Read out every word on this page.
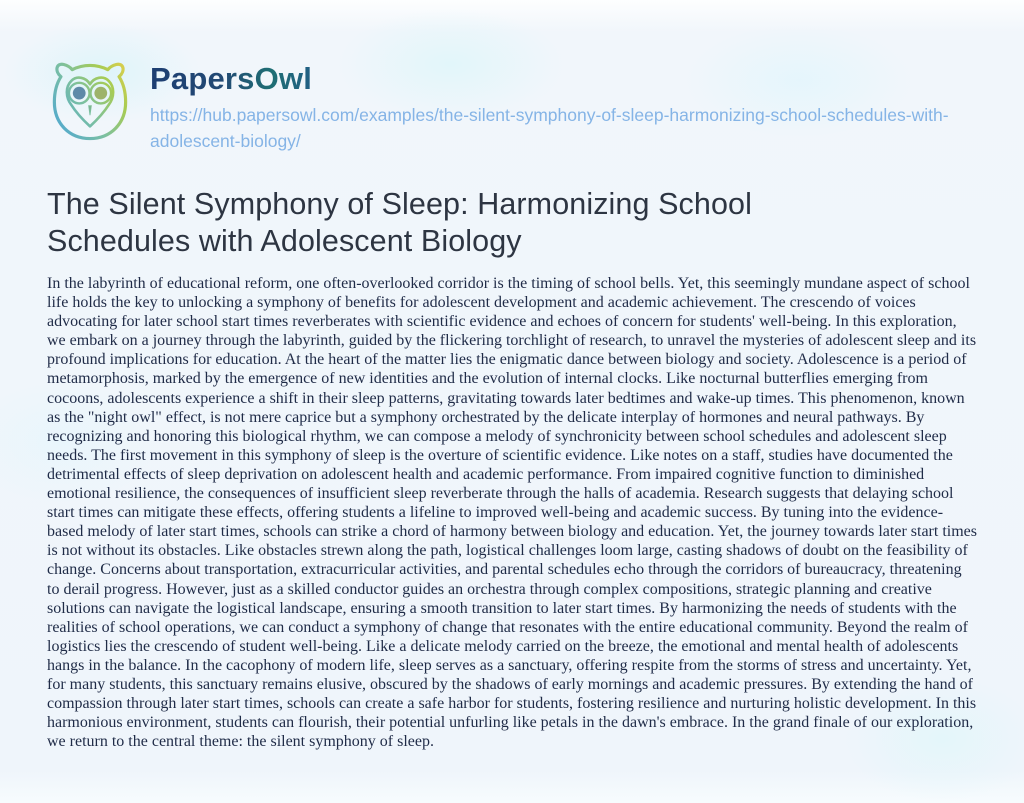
PapersOwl
https://hub.papersowl.com/examples/the-silent-symphony-of-sleep-harmonizing-school-schedules-with-adolescent-biology/
The Silent Symphony of Sleep: Harmonizing School Schedules with Adolescent Biology

In the labyrinth of educational reform, one often-overlooked corridor is the timing of school bells. Yet, this seemingly mundane aspect of school life holds the key to unlocking a symphony of benefits for adolescent development and academic achievement. The crescendo of voices advocating for later school start times reverberates with scientific evidence and echoes of concern for students' well-being. In this exploration, we embark on a journey through the labyrinth, guided by the flickering torchlight of research, to unravel the mysteries of adolescent sleep and its profound implications for education. At the heart of the matter lies the enigmatic dance between biology and society. Adolescence is a period of metamorphosis, marked by the emergence of new identities and the evolution of internal clocks. Like nocturnal butterflies emerging from cocoons, adolescents experience a shift in their sleep patterns, gravitating towards later bedtimes and wake-up times. This phenomenon, known as the "night owl" effect, is not mere caprice but a symphony orchestrated by the delicate interplay of hormones and neural pathways. By recognizing and honoring this biological rhythm, we can compose a melody of synchronicity between school schedules and adolescent sleep needs. The first movement in this symphony of sleep is the overture of scientific evidence. Like notes on a staff, studies have documented the detrimental effects of sleep deprivation on adolescent health and academic performance. From impaired cognitive function to diminished emotional resilience, the consequences of insufficient sleep reverberate through the halls of academia. Research suggests that delaying school start times can mitigate these effects, offering students a lifeline to improved well-being and academic success. By tuning into the evidence-based melody of later start times, schools can strike a chord of harmony between biology and education. Yet, the journey towards later start times is not without its obstacles. Like obstacles strewn along the path, logistical challenges loom large, casting shadows of doubt on the feasibility of change. Concerns about transportation, extracurricular activities, and parental schedules echo through the corridors of bureaucracy, threatening to derail progress. However, just as a skilled conductor guides an orchestra through complex compositions, strategic planning and creative solutions can navigate the logistical landscape, ensuring a smooth transition to later start times. By harmonizing the needs of students with the realities of school operations, we can conduct a symphony of change that resonates with the entire educational community. Beyond the realm of logistics lies the crescendo of student well-being. Like a delicate melody carried on the breeze, the emotional and mental health of adolescents hangs in the balance. In the cacophony of modern life, sleep serves as a sanctuary, offering respite from the storms of stress and uncertainty. Yet, for many students, this sanctuary remains elusive, obscured by the shadows of early mornings and academic pressures. By extending the hand of compassion through later start times, schools can create a safe harbor for students, fostering resilience and nurturing holistic development. In this harmonious environment, students can flourish, their potential unfurling like petals in the dawn's embrace. In the grand finale of our exploration, we return to the central theme: the silent symphony of sleep.
